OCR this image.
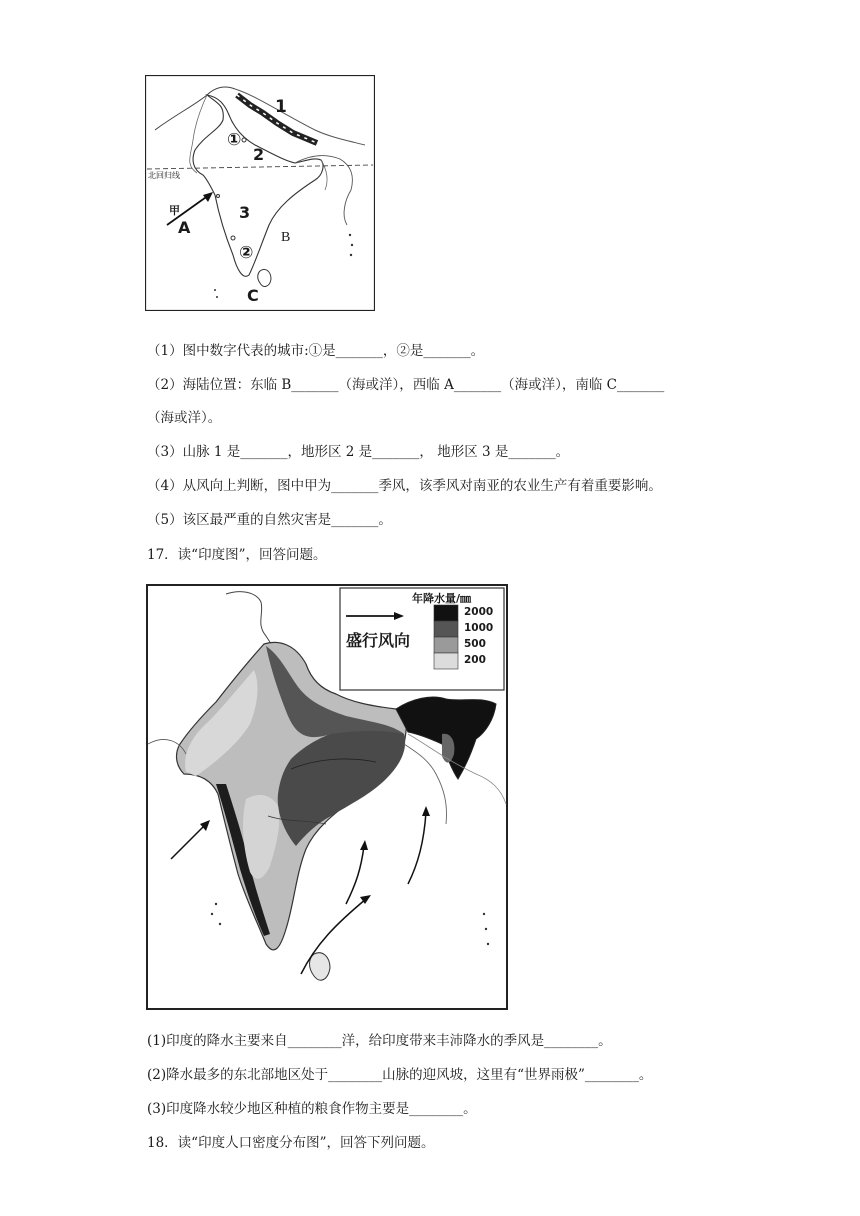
1
①
2
北回归线
甲
A
3
B
②
C
（1）图中数字代表的城市:①是_______，②是_______。
（2）海陆位置：东临 B_______（海或洋），西临 A_______（海或洋），南临 C_______
（海或洋）。
（3）山脉 1 是_______，地形区 2 是_______， 地形区 3 是_______。
（4）从风向上判断，图中甲为_______季风，该季风对南亚的农业生产有着重要影响。
（5）该区最严重的自然灾害是_______。
17．读“印度图”，回答问题。
年降水量/㎜
盛行风向
2000
1000
500
200
(1)印度的降水主要来自________洋，给印度带来丰沛降水的季风是________。
(2)降水最多的东北部地区处于________山脉的迎风坡，这里有“世界雨极”________。
(3)印度降水较少地区种植的粮食作物主要是________。
18．读“印度人口密度分布图”，回答下列问题。
